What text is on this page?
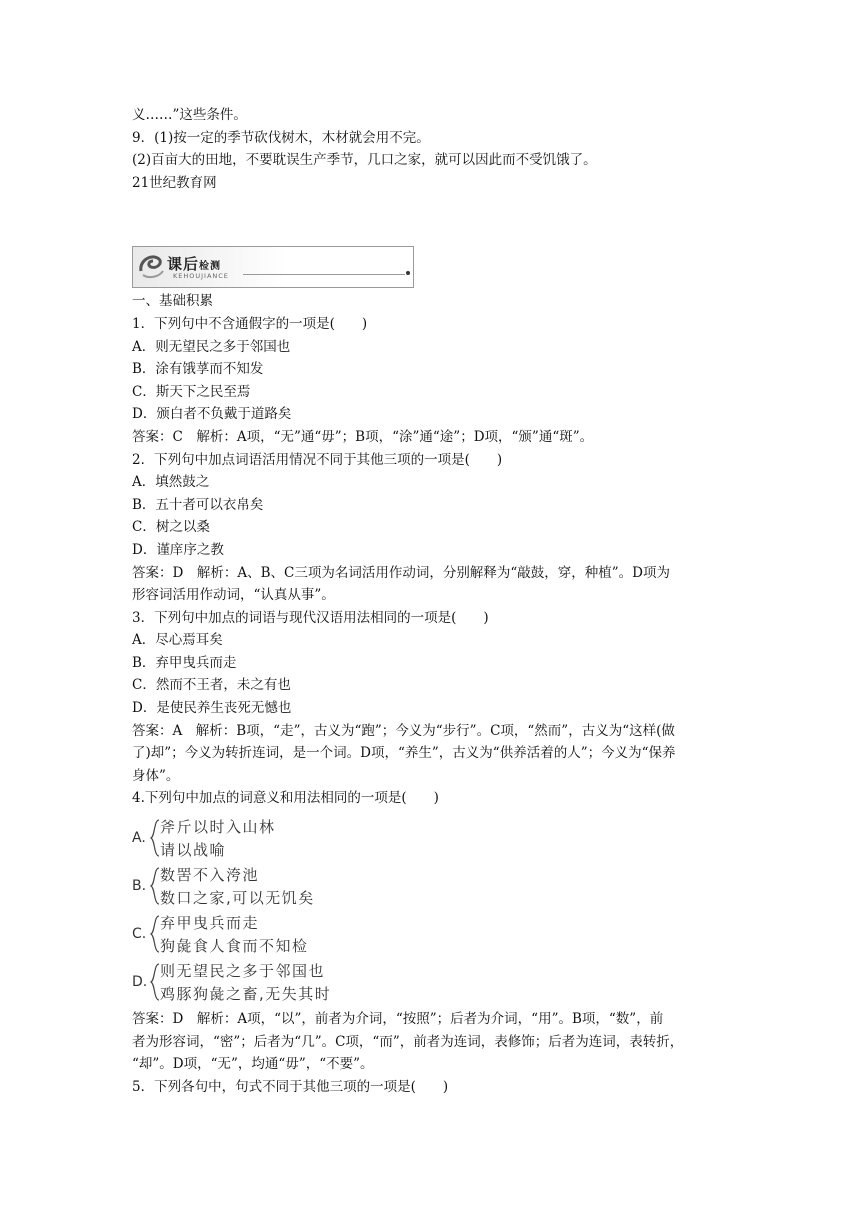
义……”这些条件。
9．(1)按一定的季节砍伐树木，木材就会用不完。
(2)百亩大的田地，不要耽误生产季节，几口之家，就可以因此而不受饥饿了。
21世纪教育网
课后检测
KEHOUJIANCE
一、基础积累
1．下列句中不含通假字的一项是(　　)
A．则无望民之多于邻国也
B．涂有饿莩而不知发
C．斯天下之民至焉
D．颁白者不负戴于道路矣
答案：C　解析：A项，“无”通“毋”；B项，“涂”通“途”；D项，“颁”通“斑”。
2．下列句中加点词语活用情况不同于其他三项的一项是(　　)
A．填然鼓之
B．五十者可以衣帛矣
C．树之以桑
D．谨庠序之教
答案：D　解析：A、B、C三项为名词活用作动词，分别解释为“敲鼓，穿，种植”。D项为
形容词活用作动词，“认真从事”。
3．下列句中加点的词语与现代汉语用法相同的一项是(　　)
A．尽心焉耳矣
B．弃甲曳兵而走
C．然而不王者，未之有也
D．是使民养生丧死无憾也
答案：A　解析：B项，“走”，古义为“跑”；今义为“步行”。C项，“然而”，古义为“这样(做
了)却”；今义为转折连词，是一个词。D项，“养生”，古义为“供养活着的人”；今义为“保养
身体”。
4.下列句中加点的词意义和用法相同的一项是(　　)
A.
斧斤以时入山林
请以战喻
B.
数罟不入洿池
数口之家,可以无饥矣
C.
弃甲曳兵而走
狗彘食人食而不知检
D.
则无望民之多于邻国也
鸡豚狗彘之畜,无失其时
答案：D　解析：A项，“以”，前者为介词，“按照”；后者为介词，“用”。B项，“数”，前
者为形容词，“密”；后者为“几”。C项，“而”，前者为连词，表修饰；后者为连词，表转折，
“却”。D项，“无”，均通“毋”，“不要”。
5．下列各句中，句式不同于其他三项的一项是(　　)
